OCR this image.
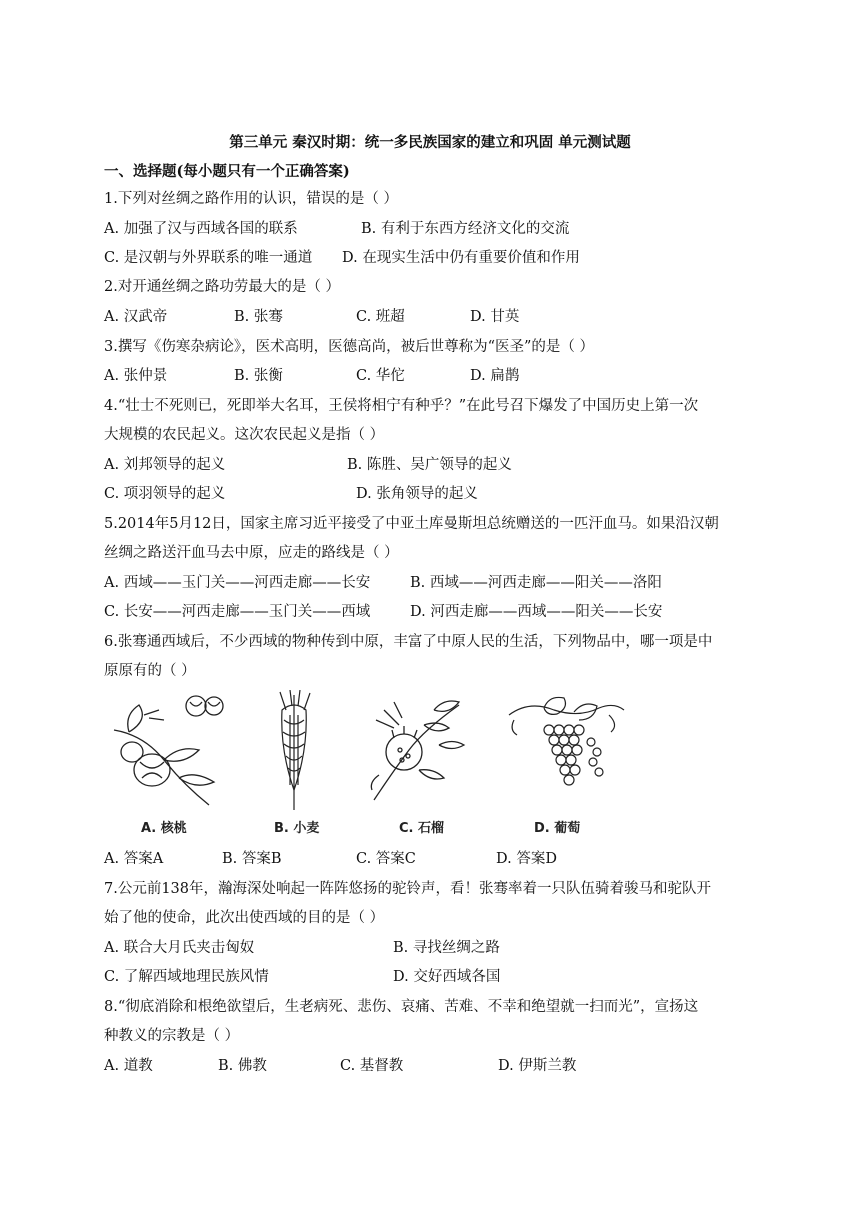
第三单元 秦汉时期：统一多民族国家的建立和巩固 单元测试题
一、选择题(每小题只有一个正确答案)
1.下列对丝绸之路作用的认识，错误的是（ ）
A. 加强了汉与西域各国的联系	B. 有利于东西方经济文化的交流
C. 是汉朝与外界联系的唯一通道 D. 在现实生活中仍有重要价值和作用
2.对开通丝绸之路功劳最大的是（ ）
A. 汉武帝	B. 张骞	C. 班超	D. 甘英
3.撰写《伤寒杂病论》，医术高明，医德高尚，被后世尊称为“医圣”的是（ ）
A. 张仲景	B. 张衡	C. 华佗	D. 扁鹊
4.“壮士不死则已，死即举大名耳，王侯将相宁有种乎？”在此号召下爆发了中国历史上第一次
大规模的农民起义。这次农民起义是指（ ）
A. 刘邦领导的起义	B. 陈胜、吴广领导的起义
C. 项羽领导的起义	D. 张角领导的起义
5.2014年5月12日，国家主席习近平接受了中亚土库曼斯坦总统赠送的一匹汗血马。如果沿汉朝
丝绸之路送汗血马去中原，应走的路线是（ ）
A. 西域——玉门关——河西走廊——长安	B. 西域——河西走廊——阳关——洛阳
C. 长安——河西走廊——玉门关——西域	D. 河西走廊——西域——阳关——长安
6.张骞通西域后，不少西域的物种传到中原，丰富了中原人民的生活，下列物品中，哪一项是中
原原有的（ ）
A. 核桃	B. 小麦	C. 石榴	D. 葡萄
A. 答案A	B. 答案B	C. 答案C	D. 答案D
7.公元前138年，瀚海深处响起一阵阵悠扬的驼铃声，看！张骞率着一只队伍骑着骏马和驼队开
始了他的使命，此次出使西域的目的是（ ）
A. 联合大月氏夹击匈奴	B. 寻找丝绸之路
C. 了解西域地理民族风情	D. 交好西域各国
8.“彻底消除和根绝欲望后，生老病死、悲伤、哀痛、苦难、不幸和绝望就一扫而光”，宣扬这
种教义的宗教是（ ）
A. 道教	B. 佛教	C. 基督教	D. 伊斯兰教
